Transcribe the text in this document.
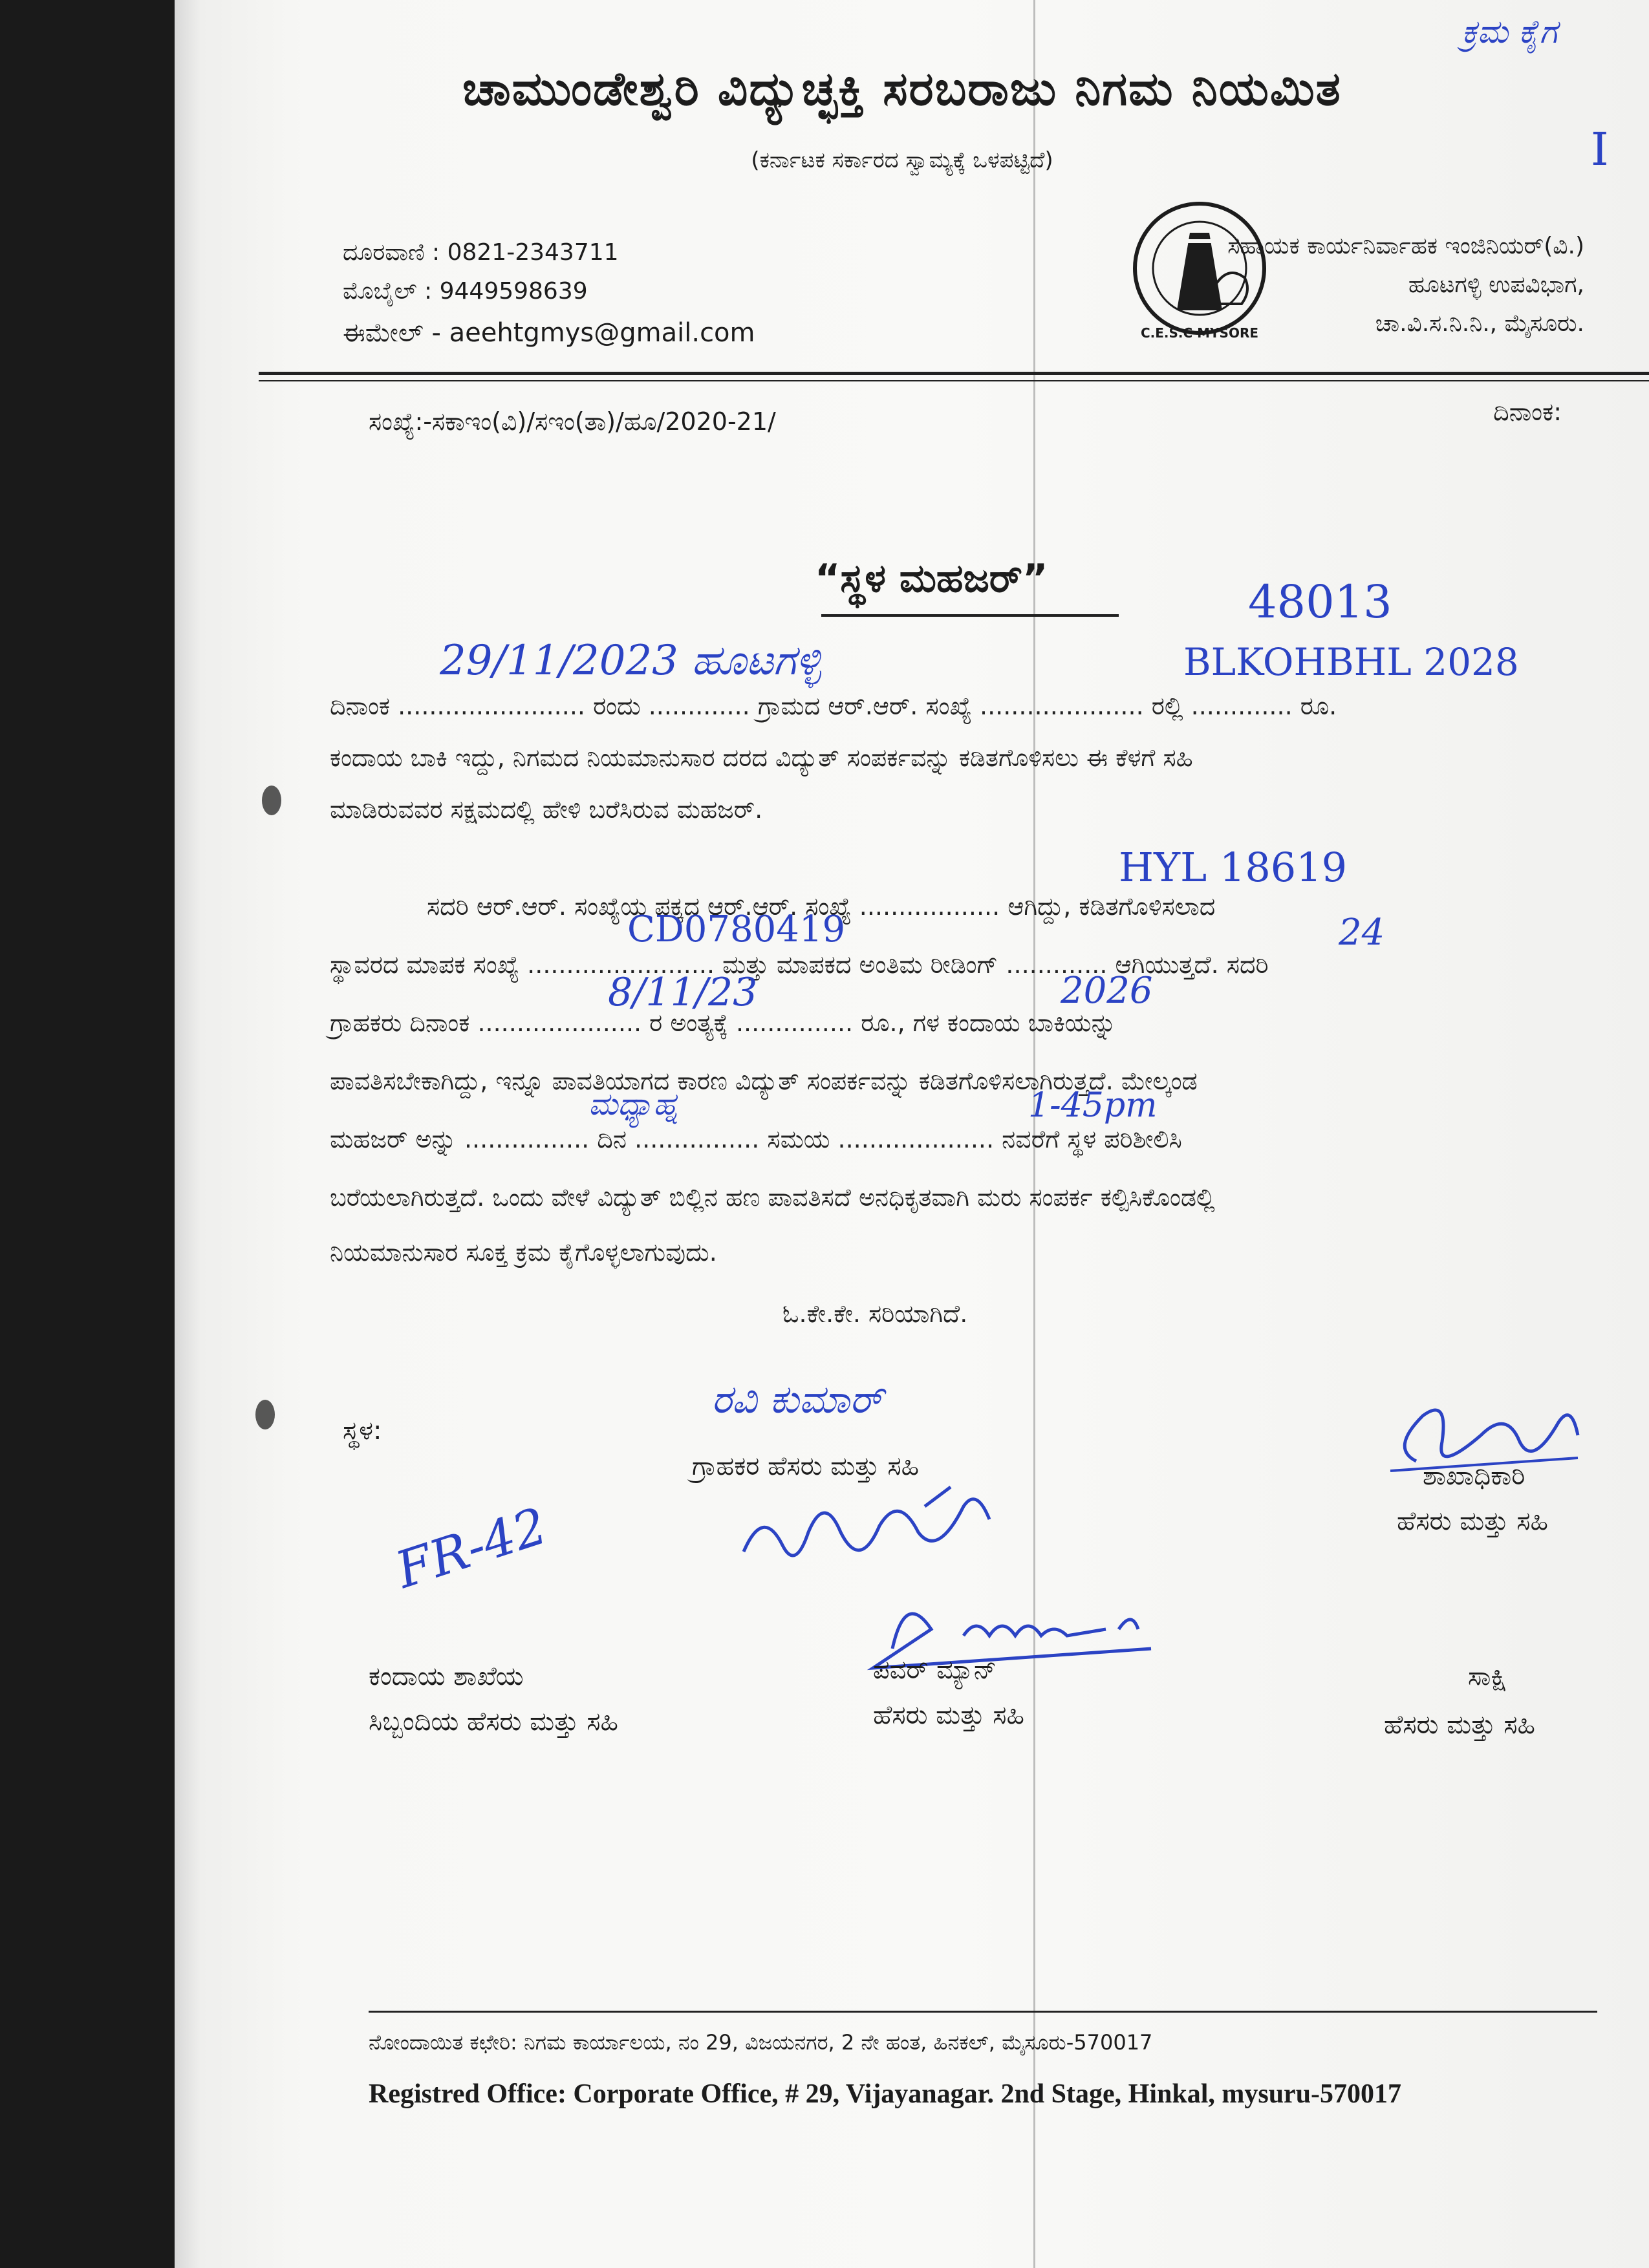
ಕ್ರಮ ಕೈಗ
I
ಚಾಮುಂಡೇಶ್ವರಿ ವಿದ್ಯುಚ್ಛಕ್ತಿ ಸರಬರಾಜು ನಿಗಮ ನಿಯಮಿತ
(ಕರ್ನಾಟಕ ಸರ್ಕಾರದ ಸ್ವಾಮ್ಯಕ್ಕೆ ಒಳಪಟ್ಟಿದೆ)
ದೂರವಾಣಿ : 0821-2343711
ಮೊಬೈಲ್ : 9449598639
ಈಮೇಲ್ - aeehtgmys@gmail.com	C.E.S.C MYSORE
ಸಹಾಯಕ ಕಾರ್ಯನಿರ್ವಾಹಕ ಇಂಜಿನಿಯರ್(ವಿ.)
ಹೂಟಗಳ್ಳಿ ಉಪವಿಭಾಗ,
ಚಾ.ವಿ.ಸ.ನಿ.ನಿ., ಮೈಸೂರು.
ಸಂಖ್ಯೆ:-ಸಕಾಇಂ(ವಿ)/ಸಇಂ(ತಾ)/ಹೂ/2020-21/	ದಿನಾಂಕ:
“ಸ್ಥಳ ಮಹಜರ್”	48013
ದಿನಾಂಕ ........................ ರಂದು ............. ಗ್ರಾಮದ ಆರ್.ಆರ್. ಸಂಖ್ಯೆ ..................... ರಲ್ಲಿ ............. ರೂ.
ಕಂದಾಯ ಬಾಕಿ ಇದ್ದು, ನಿಗಮದ ನಿಯಮಾನುಸಾರ ದರದ ವಿದ್ಯುತ್ ಸಂಪರ್ಕವನ್ನು ಕಡಿತಗೊಳಿಸಲು ಈ ಕೆಳಗೆ ಸಹಿ
ಮಾಡಿರುವವರ ಸಕ್ಷಮದಲ್ಲಿ ಹೇಳಿ ಬರೆಸಿರುವ ಮಹಜರ್.
29/11/2023 ಹೂಟಗಳ್ಳಿ	BLKOHBHL 2028
ಸದರಿ ಆರ್.ಆರ್. ಸಂಖ್ಯೆಯ ಪಕ್ಕದ ಆರ್.ಆರ್. ಸಂಖ್ಯೆ .................. ಆಗಿದ್ದು, ಕಡಿತಗೊಳಿಸಲಾದ
ಸ್ಥಾವರದ ಮಾಪಕ ಸಂಖ್ಯೆ ........................ ಮತ್ತು ಮಾಪಕದ ಅಂತಿಮ ರೀಡಿಂಗ್ ............. ಆಗಿಯುತ್ತದೆ. ಸದರಿ
ಗ್ರಾಹಕರು ದಿನಾಂಕ ..................... ರ ಅಂತ್ಯಕ್ಕೆ ............... ರೂ., ಗಳ ಕಂದಾಯ ಬಾಕಿಯನ್ನು
ಪಾವತಿಸಬೇಕಾಗಿದ್ದು, ಇನ್ನೂ ಪಾವತಿಯಾಗದ ಕಾರಣ ವಿದ್ಯುತ್ ಸಂಪರ್ಕವನ್ನು ಕಡಿತಗೊಳಿಸಲಾಗಿರುತ್ತದೆ. ಮೇಲ್ಕಂಡ
ಮಹಜರ್ ಅನ್ನು ................ ದಿನ ................ ಸಮಯ .................... ನವರೆಗೆ ಸ್ಥಳ ಪರಿಶೀಲಿಸಿ
ಬರೆಯಲಾಗಿರುತ್ತದೆ. ಒಂದು ವೇಳೆ ವಿದ್ಯುತ್ ಬಿಲ್ಲಿನ ಹಣ ಪಾವತಿಸದೆ ಅನಧಿಕೃತವಾಗಿ ಮರು ಸಂಪರ್ಕ ಕಲ್ಪಿಸಿಕೊಂಡಲ್ಲಿ
ನಿಯಮಾನುಸಾರ ಸೂಕ್ತ ಕ್ರಮ ಕೈಗೊಳ್ಳಲಾಗುವುದು.
HYL 18619
CD0780419	24
8/11/23	2026
ಮಧ್ಯಾಹ್ನ	1-45pm
ಓ.ಕೇ.ಕೇ. ಸರಿಯಾಗಿದೆ.
ಸ್ಥಳ:
FR-42
ರವಿ ಕುಮಾರ್
ಗ್ರಾಹಕರ ಹೆಸರು ಮತ್ತು ಸಹಿ	ಶಾಖಾಧಿಕಾರಿ
ಹೆಸರು ಮತ್ತು ಸಹಿ
ಕಂದಾಯ ಶಾಖೆಯ
ಸಿಬ್ಬಂದಿಯ ಹೆಸರು ಮತ್ತು ಸಹಿ
ಪವರ್ ಮ್ಯಾನ್
ಹೆಸರು ಮತ್ತು ಸಹಿ
ಸಾಕ್ಷಿ
ಹೆಸರು ಮತ್ತು ಸಹಿ
ನೋಂದಾಯಿತ ಕಛೇರಿ: ನಿಗಮ ಕಾರ್ಯಾಲಯ, ನಂ 29, ವಿಜಯನಗರ, 2 ನೇ ಹಂತ, ಹಿನಕಲ್, ಮೈಸೂರು-570017
Registred Office: Corporate Office, # 29, Vijayanagar. 2nd Stage, Hinkal, mysuru-570017
